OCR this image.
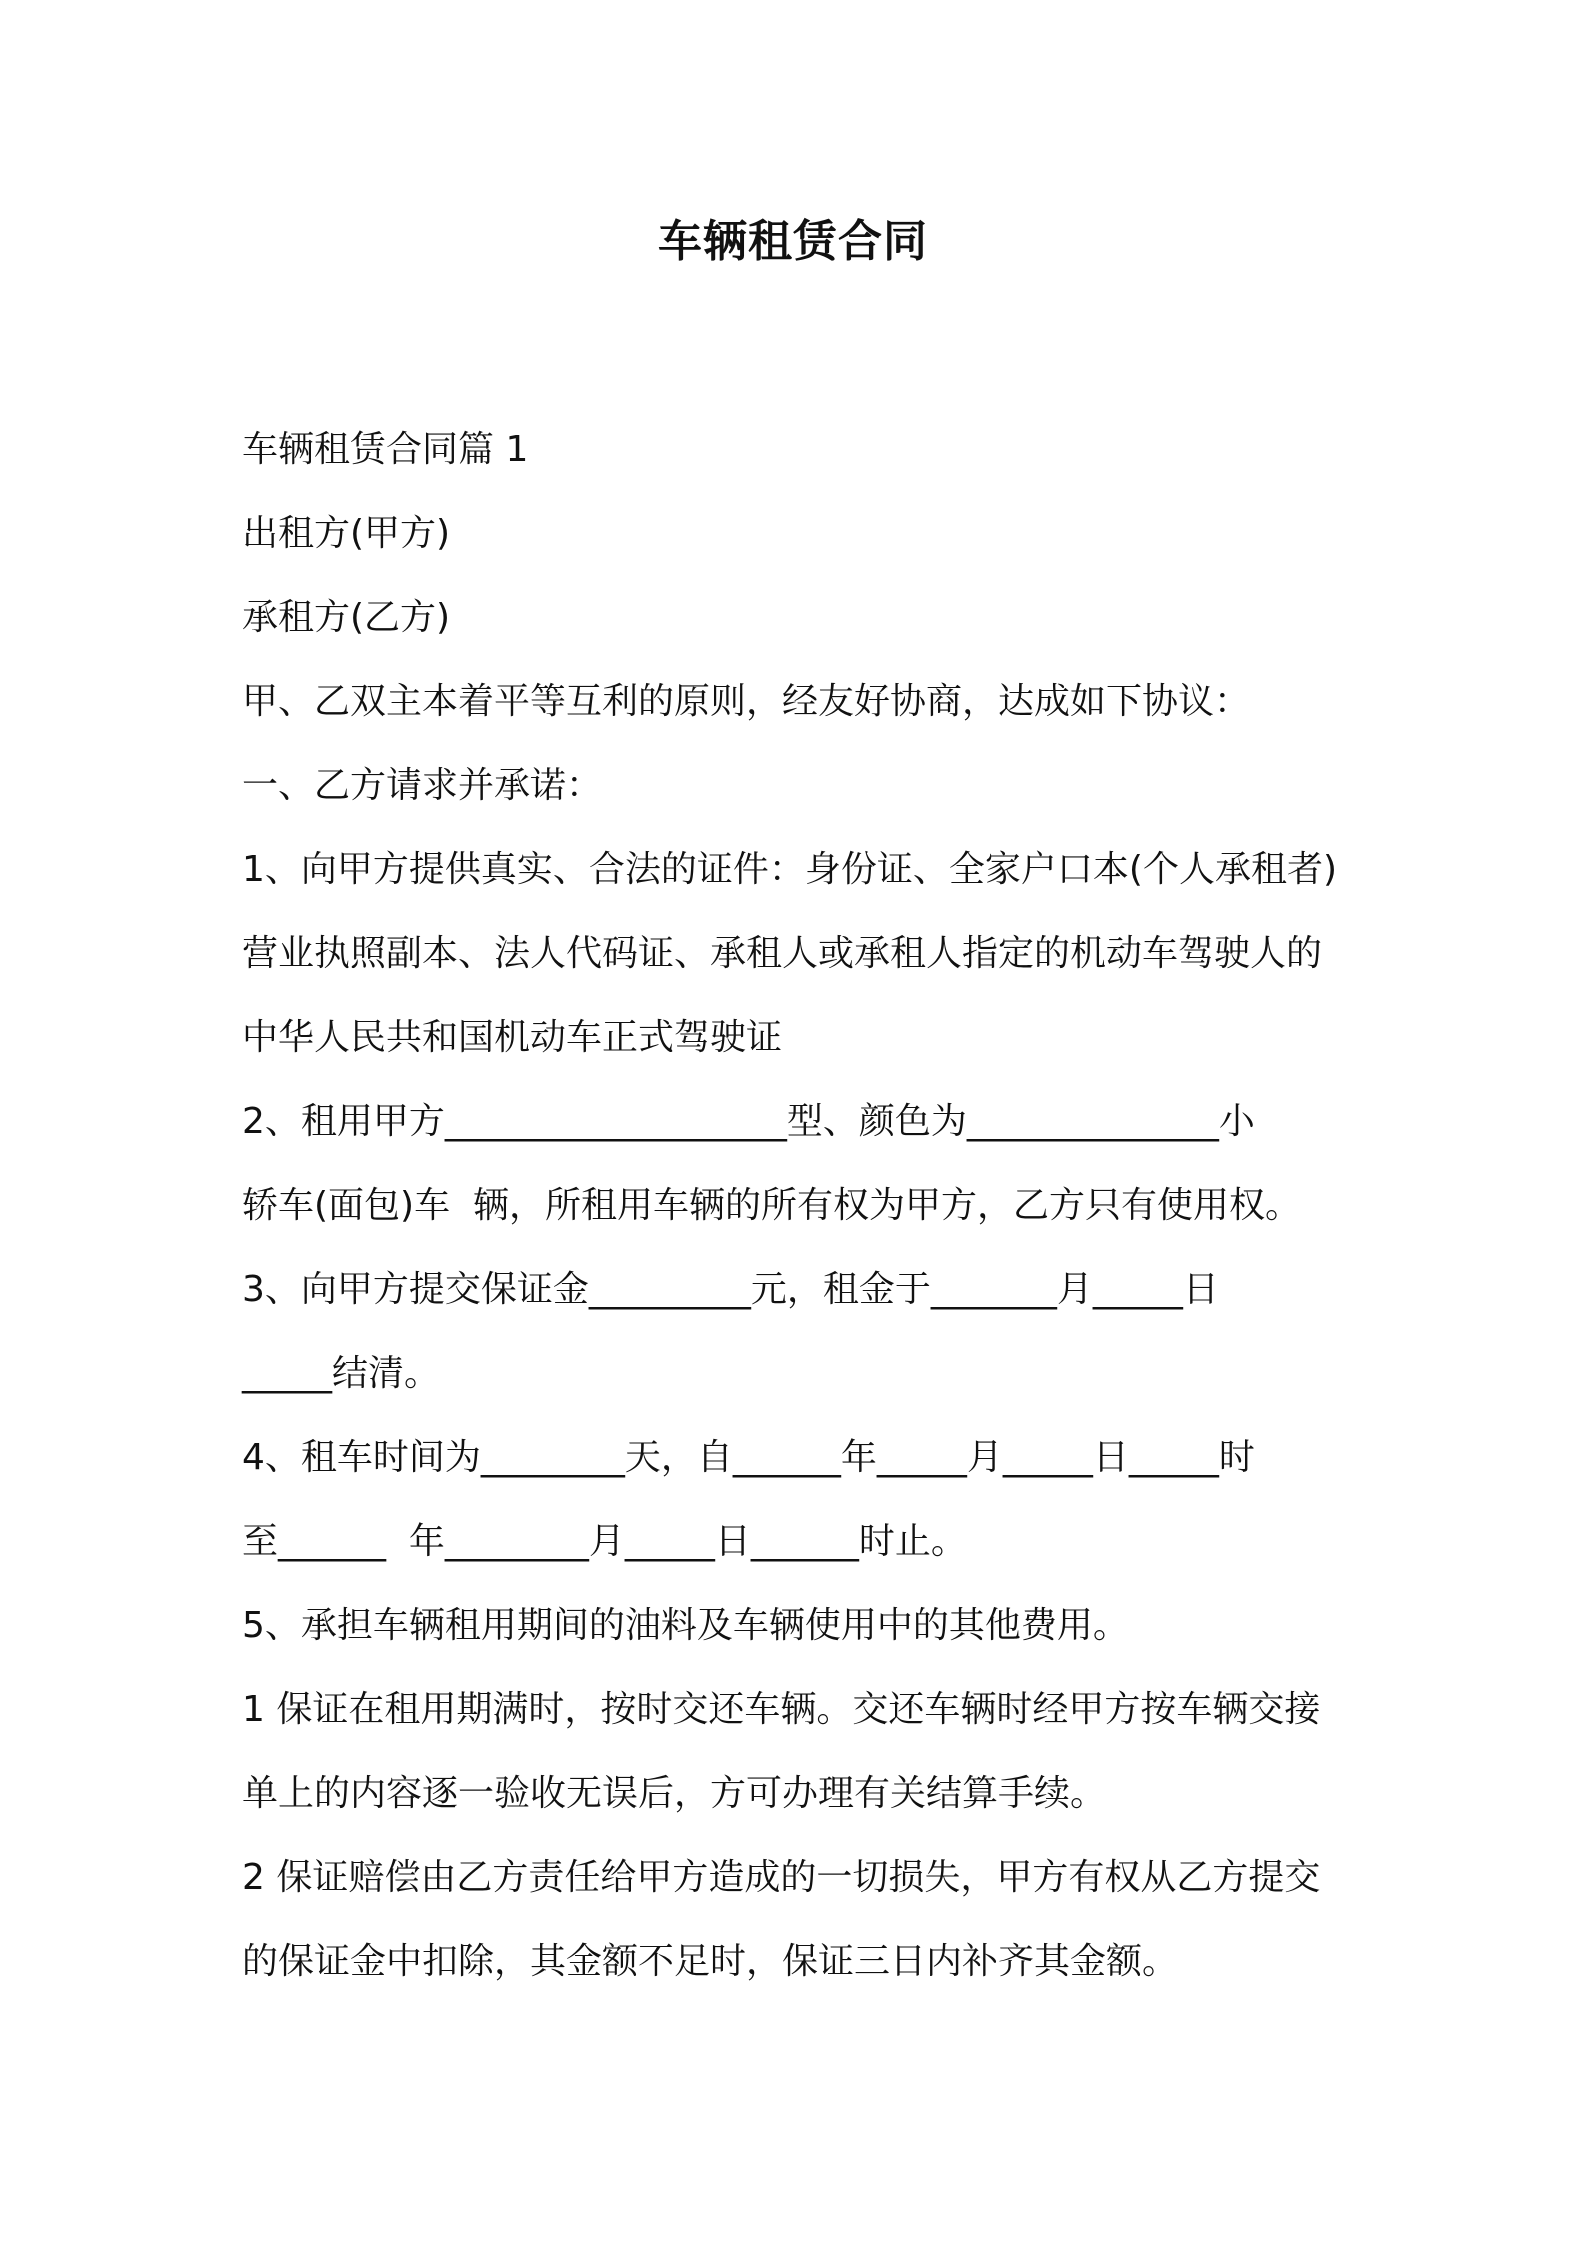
车辆租赁合同
车辆租赁合同篇 1
出租方(甲方)
承租方(乙方)
甲、乙双主本着平等互利的原则，经友好协商，达成如下协议：
一、乙方请求并承诺：
1、向甲方提供真实、合法的证件：身份证、全家户口本(个人承租者)
营业执照副本、法人代码证、承租人或承租人指定的机动车驾驶人的
中华人民共和国机动车正式驾驶证
2、租用甲方___________________型、颜色为______________小
轿车(面包)车  辆，所租用车辆的所有权为甲方，乙方只有使用权。
3、向甲方提交保证金_________元，租金于_______月_____日
_____结清。
4、租车时间为________天，自______年_____月_____日_____时
至______  年________月_____日______时止。
5、承担车辆租用期间的油料及车辆使用中的其他费用。
1 保证在租用期满时，按时交还车辆。交还车辆时经甲方按车辆交接
单上的内容逐一验收无误后，方可办理有关结算手续。
2 保证赔偿由乙方责任给甲方造成的一切损失，甲方有权从乙方提交
的保证金中扣除，其金额不足时，保证三日内补齐其金额。
